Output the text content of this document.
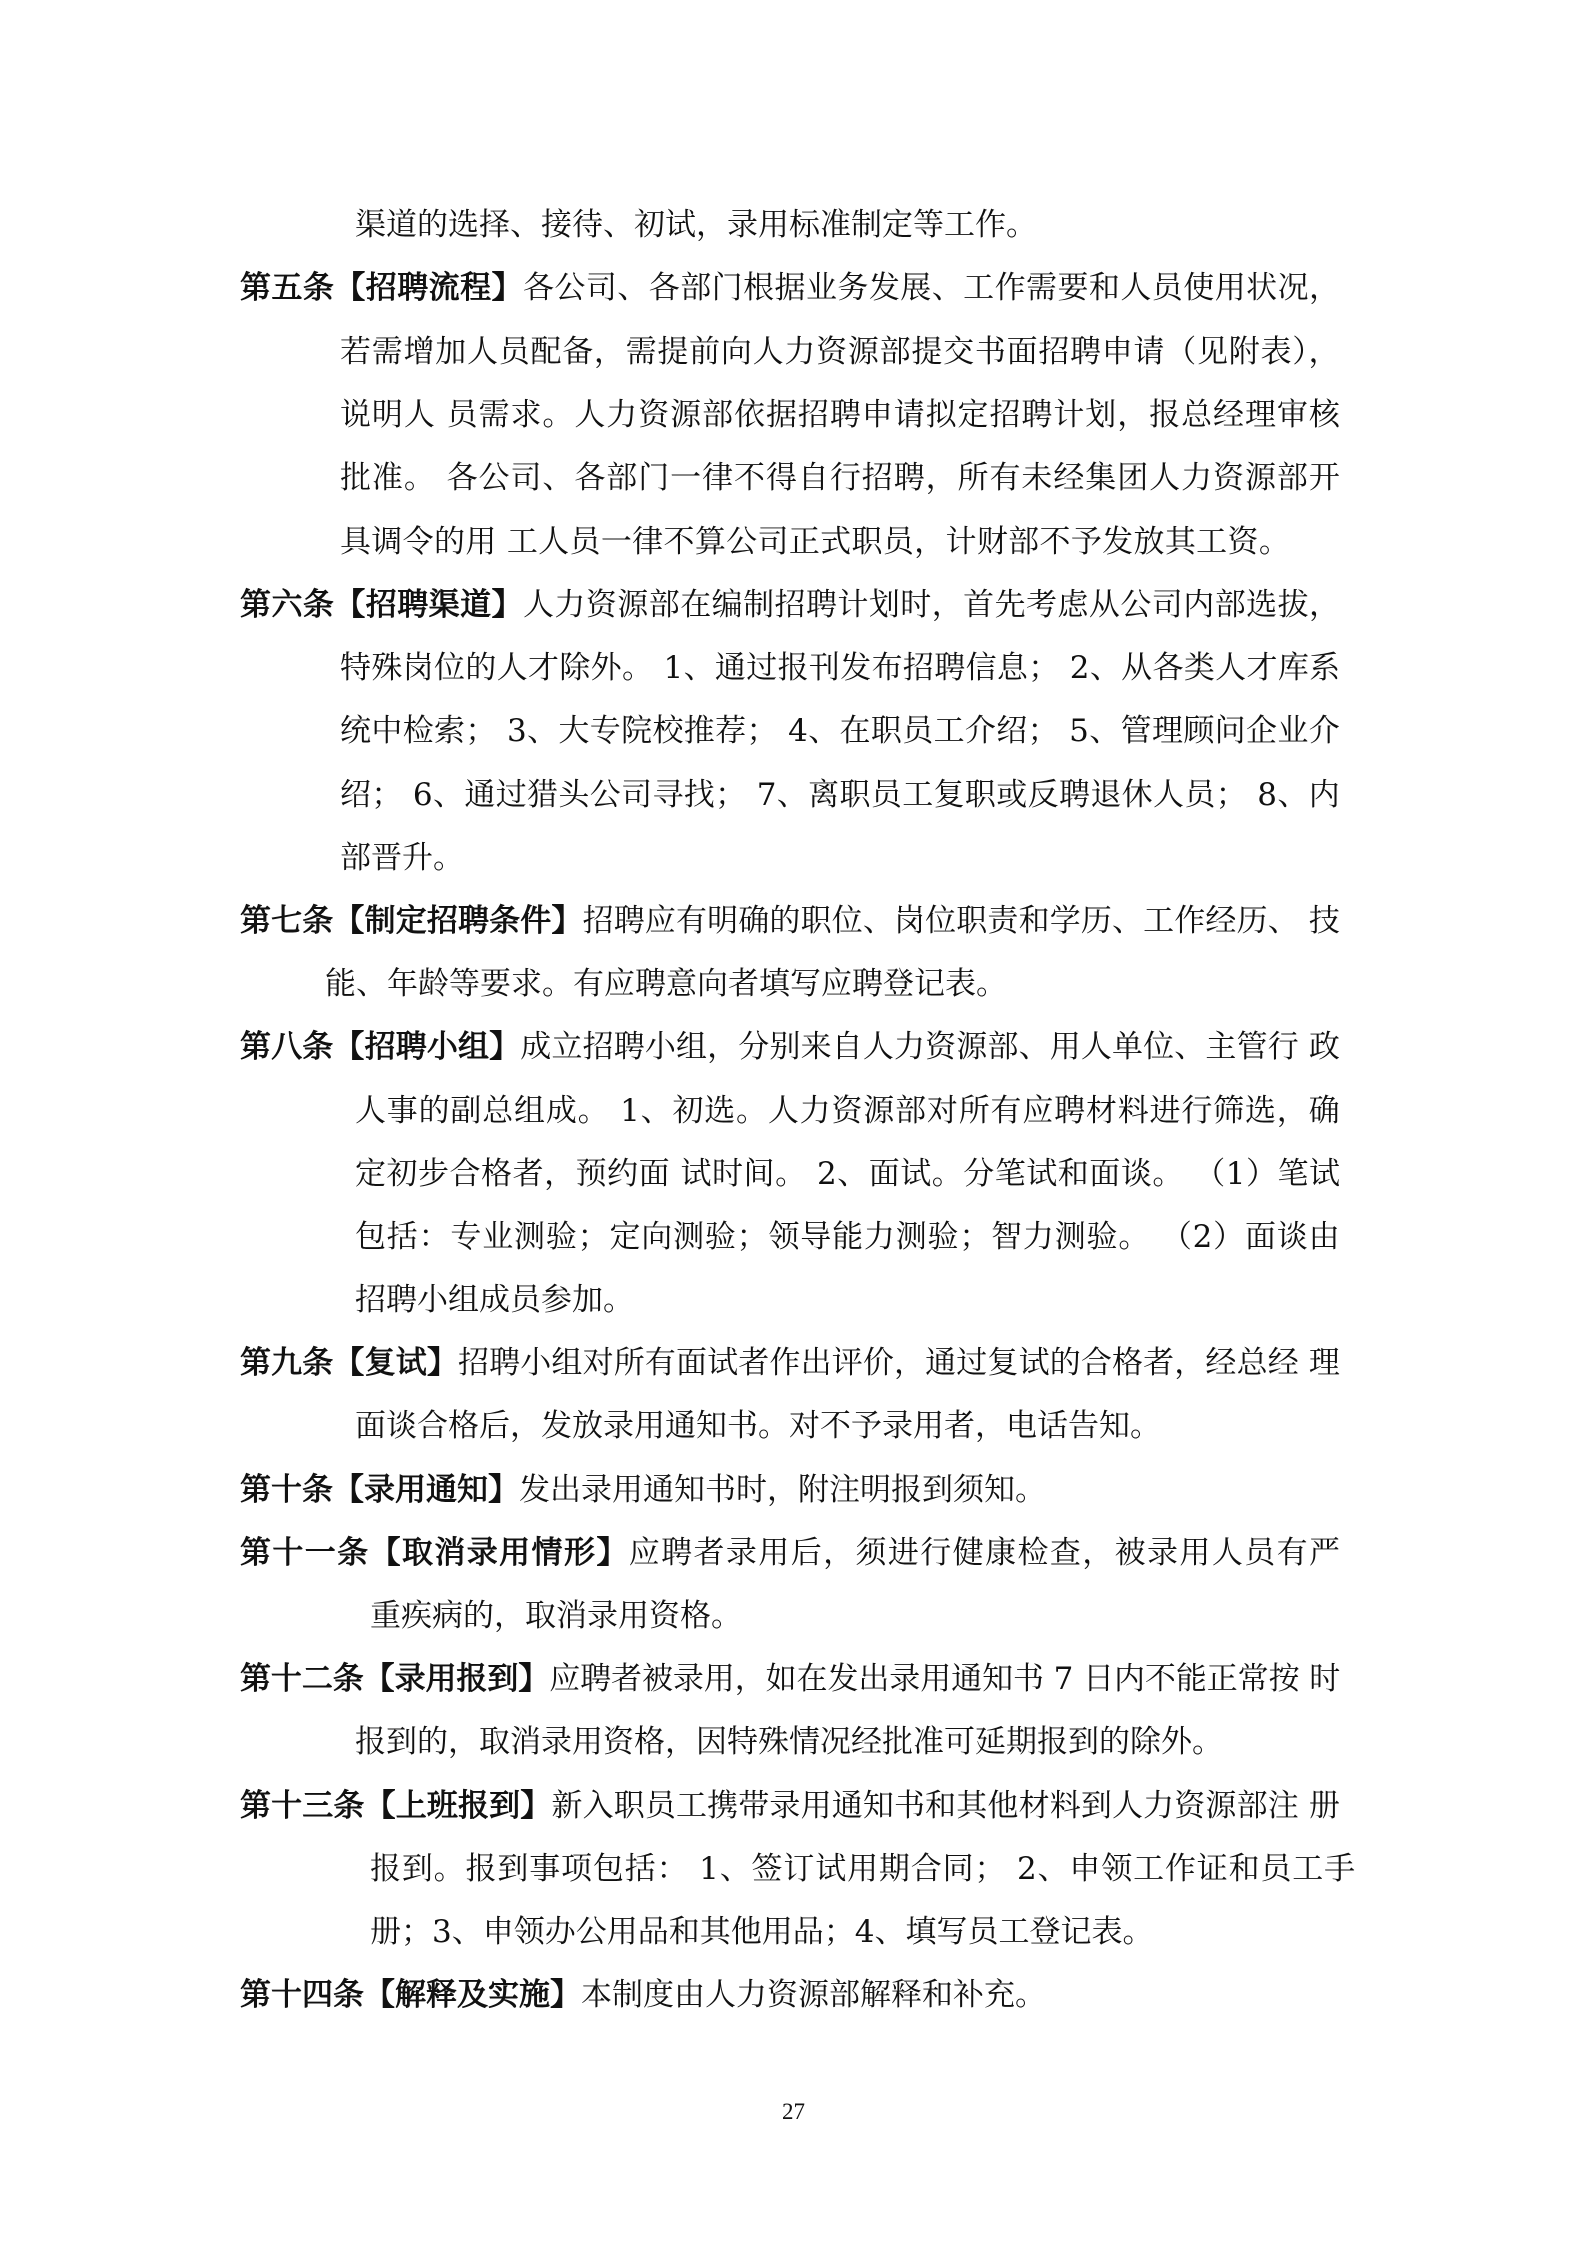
渠道的选择、接待、初试，录用标准制定等工作。
第五条【招聘流程】各公司、各部门根据业务发展、工作需要和人员使用状况，
若需增加人员配备，需提前向人力资源部提交书面招聘申请（见附表），
说明人 员需求。人力资源部依据招聘申请拟定招聘计划，报总经理审核
批准。 各公司、各部门一律不得自行招聘，所有未经集团人力资源部开
具调令的用 工人员一律不算公司正式职员，计财部不予发放其工资。
第六条【招聘渠道】人力资源部在编制招聘计划时，首先考虑从公司内部选拔，
特殊岗位的人才除外。 1、通过报刊发布招聘信息； 2、从各类人才库系
统中检索； 3、大专院校推荐； 4、在职员工介绍； 5、管理顾问企业介
绍； 6、通过猎头公司寻找； 7、离职员工复职或反聘退休人员； 8、内
部晋升。
第七条【制定招聘条件】招聘应有明确的职位、岗位职责和学历、工作经历、 技
能、年龄等要求。有应聘意向者填写应聘登记表。
第八条【招聘小组】成立招聘小组，分别来自人力资源部、用人单位、主管行 政
人事的副总组成。 1、初选。人力资源部对所有应聘材料进行筛选，确
定初步合格者，预约面 试时间。 2、面试。分笔试和面谈。 （1）笔试
包括：专业测验；定向测验；领导能力测验；智力测验。 （2）面谈由
招聘小组成员参加。
第九条【复试】招聘小组对所有面试者作出评价，通过复试的合格者，经总经 理
面谈合格后，发放录用通知书。对不予录用者，电话告知。
第十条【录用通知】发出录用通知书时，附注明报到须知。
第十一条【取消录用情形】应聘者录用后，须进行健康检查，被录用人员有严
重疾病的，取消录用资格。
第十二条【录用报到】应聘者被录用，如在发出录用通知书 7 日内不能正常按 时
报到的，取消录用资格，因特殊情况经批准可延期报到的除外。
第十三条【上班报到】新入职员工携带录用通知书和其他材料到人力资源部注 册
报到。报到事项包括： 1、签订试用期合同； 2、申领工作证和员工手
册；3、申领办公用品和其他用品；4、填写员工登记表。
第十四条【解释及实施】本制度由人力资源部解释和补充。
27
